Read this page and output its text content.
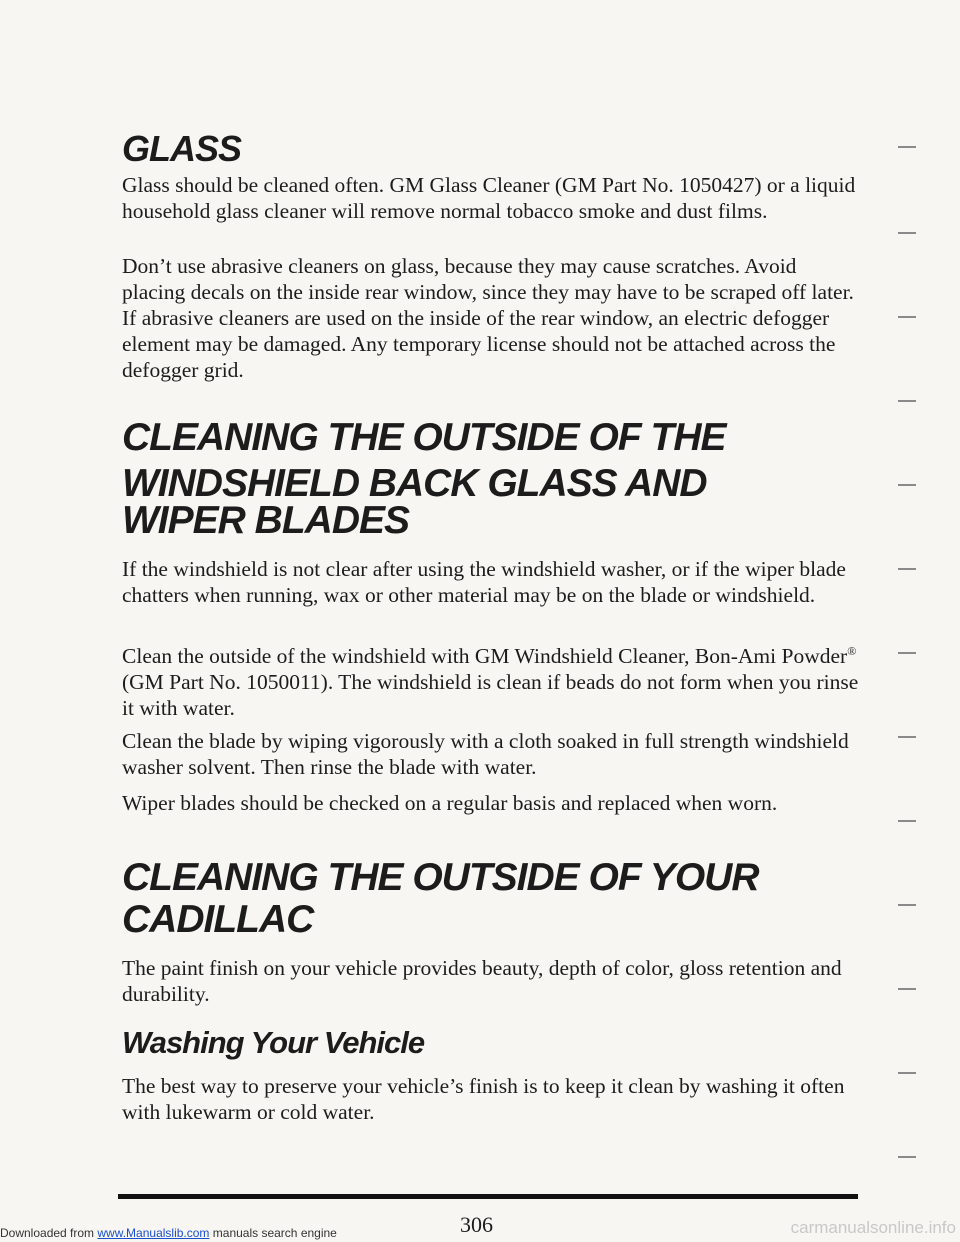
GLASS

Glass should be cleaned often. GM Glass Cleaner (GM Part No. 1050427) or a liquid household glass cleaner will remove normal tobacco smoke and dust films.

Don’t use abrasive cleaners on glass, because they may cause scratches. Avoid placing decals on the inside rear window, since they may have to be scraped off later. If abrasive cleaners are used on the inside of the rear window, an electric defogger element may be damaged. Any temporary license should not be attached across the defogger grid.

CLEANING THE OUTSIDE OF THE
WINDSHIELD BACK GLASS AND
WIPER BLADES

If the windshield is not clear after using the windshield washer, or if the wiper blade chatters when running, wax or other material may be on the blade or windshield.

Clean the outside of the windshield with GM Windshield Cleaner, Bon-Ami Powder® (GM Part No. 1050011). The windshield is clean if beads do not form when you rinse it with water.

Clean the blade by wiping vigorously with a cloth soaked in full strength windshield washer solvent. Then rinse the blade with water.

Wiper blades should be checked on a regular basis and replaced when worn.

CLEANING THE OUTSIDE OF YOUR
CADILLAC

The paint finish on your vehicle provides beauty, depth of color, gloss retention and durability.

Washing Your Vehicle

The best way to preserve your vehicle’s finish is to keep it clean by washing it often with lukewarm or cold water.

306
Downloaded from www.Manualslib.com manuals search engine	carmanualsonline.info
